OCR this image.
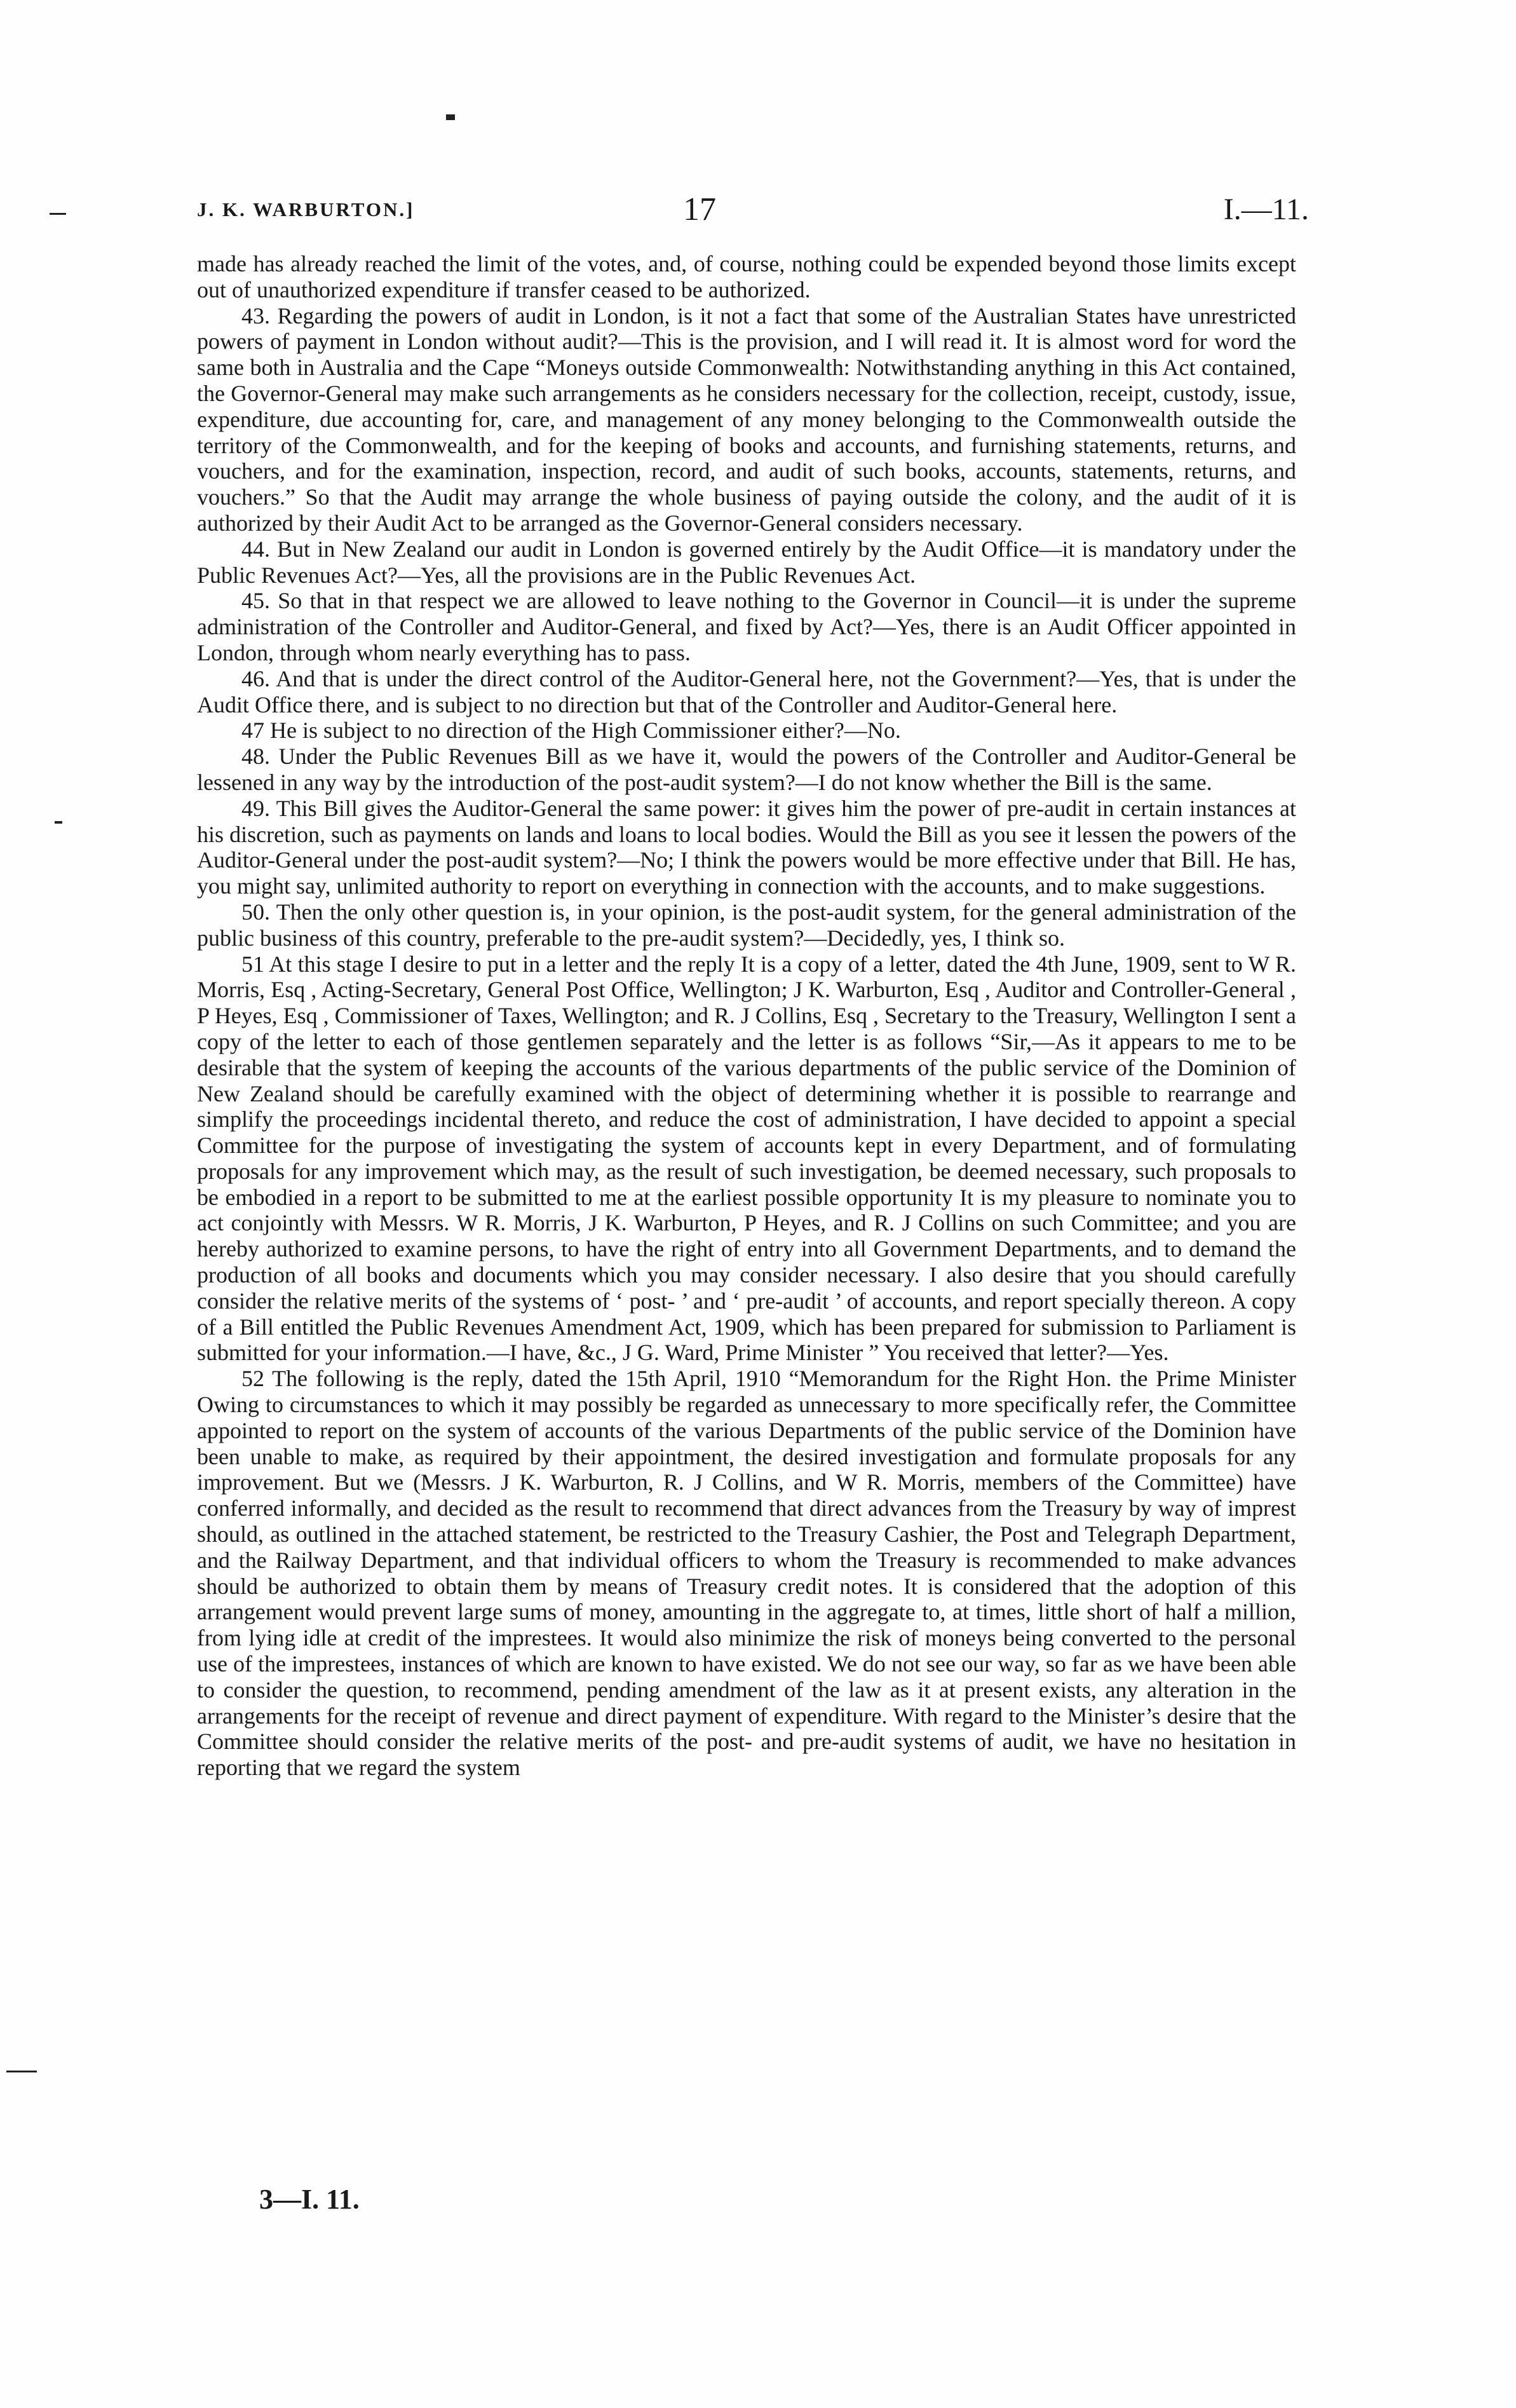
J. K. WARBURTON.]	17	I.—11.

made has already reached the limit of the votes, and, of course, nothing could be expended beyond those limits except out of unauthorized expenditure if transfer ceased to be authorized.

43. Regarding the powers of audit in London, is it not a fact that some of the Australian States have unrestricted powers of payment in London without audit?—This is the provision, and I will read it. It is almost word for word the same both in Australia and the Cape “Moneys outside Commonwealth: Notwithstanding anything in this Act contained, the Governor-General may make such arrangements as he considers necessary for the collection, receipt, custody, issue, expenditure, due accounting for, care, and management of any money belonging to the Commonwealth outside the territory of the Commonwealth, and for the keeping of books and accounts, and furnishing statements, returns, and vouchers, and for the examination, inspection, record, and audit of such books, accounts, statements, returns, and vouchers.” So that the Audit may arrange the whole business of paying outside the colony, and the audit of it is authorized by their Audit Act to be arranged as the Governor-General considers necessary.

44. But in New Zealand our audit in London is governed entirely by the Audit Office—it is mandatory under the Public Revenues Act?—Yes, all the provisions are in the Public Revenues Act.

45. So that in that respect we are allowed to leave nothing to the Governor in Council—it is under the supreme administration of the Controller and Auditor-General, and fixed by Act?—Yes, there is an Audit Officer appointed in London, through whom nearly everything has to pass.

46. And that is under the direct control of the Auditor-General here, not the Government?—Yes, that is under the Audit Office there, and is subject to no direction but that of the Controller and Auditor-General here.

47 He is subject to no direction of the High Commissioner either?—No.

48. Under the Public Revenues Bill as we have it, would the powers of the Controller and Auditor-General be lessened in any way by the introduction of the post-audit system?—I do not know whether the Bill is the same.

49. This Bill gives the Auditor-General the same power: it gives him the power of pre-audit in certain instances at his discretion, such as payments on lands and loans to local bodies. Would the Bill as you see it lessen the powers of the Auditor-General under the post-audit system?—No; I think the powers would be more effective under that Bill. He has, you might say, unlimited authority to report on everything in connection with the accounts, and to make suggestions.

50. Then the only other question is, in your opinion, is the post-audit system, for the general administration of the public business of this country, preferable to the pre-audit system?—Decidedly, yes, I think so.

51 At this stage I desire to put in a letter and the reply It is a copy of a letter, dated the 4th June, 1909, sent to W R. Morris, Esq , Acting-Secretary, General Post Office, Wellington; J K. Warburton, Esq , Auditor and Controller-General , P Heyes, Esq , Commissioner of Taxes, Wellington; and R. J Collins, Esq , Secretary to the Treasury, Wellington I sent a copy of the letter to each of those gentlemen separately and the letter is as follows “Sir,—As it appears to me to be desirable that the system of keeping the accounts of the various departments of the public service of the Dominion of New Zealand should be carefully examined with the object of determining whether it is possible to rearrange and simplify the proceedings incidental thereto, and reduce the cost of administration, I have decided to appoint a special Committee for the purpose of investigating the system of accounts kept in every Department, and of formulating proposals for any improvement which may, as the result of such investigation, be deemed necessary, such proposals to be embodied in a report to be submitted to me at the earliest possible opportunity It is my pleasure to nominate you to act conjointly with Messrs. W R. Morris, J K. Warburton, P Heyes, and R. J Collins on such Committee; and you are hereby authorized to examine persons, to have the right of entry into all Government Departments, and to demand the production of all books and documents which you may consider necessary. I also desire that you should carefully consider the relative merits of the systems of ‘ post- ’ and ‘ pre-audit ’ of accounts, and report specially thereon. A copy of a Bill entitled the Public Revenues Amendment Act, 1909, which has been prepared for submission to Parliament is submitted for your information.—I have, &c., J G. Ward, Prime Minister ” You received that letter?—Yes.

52 The following is the reply, dated the 15th April, 1910 “Memorandum for the Right Hon. the Prime Minister Owing to circumstances to which it may possibly be regarded as unnecessary to more specifically refer, the Committee appointed to report on the system of accounts of the various Departments of the public service of the Dominion have been unable to make, as required by their appointment, the desired investigation and formulate proposals for any improvement. But we (Messrs. J K. Warburton, R. J Collins, and W R. Morris, members of the Committee) have conferred informally, and decided as the result to recommend that direct advances from the Treasury by way of imprest should, as outlined in the attached statement, be restricted to the Treasury Cashier, the Post and Telegraph Department, and the Railway Department, and that individual officers to whom the Treasury is recommended to make advances should be authorized to obtain them by means of Treasury credit notes. It is considered that the adoption of this arrangement would prevent large sums of money, amounting in the aggregate to, at times, little short of half a million, from lying idle at credit of the imprestees. It would also minimize the risk of moneys being converted to the personal use of the imprestees, instances of which are known to have existed. We do not see our way, so far as we have been able to consider the question, to recommend, pending amendment of the law as it at present exists, any alteration in the arrangements for the receipt of revenue and direct payment of expenditure. With regard to the Minister’s desire that the Committee should consider the relative merits of the post- and pre-audit systems of audit, we have no hesitation in reporting that we regard the system

3—I. 11.
